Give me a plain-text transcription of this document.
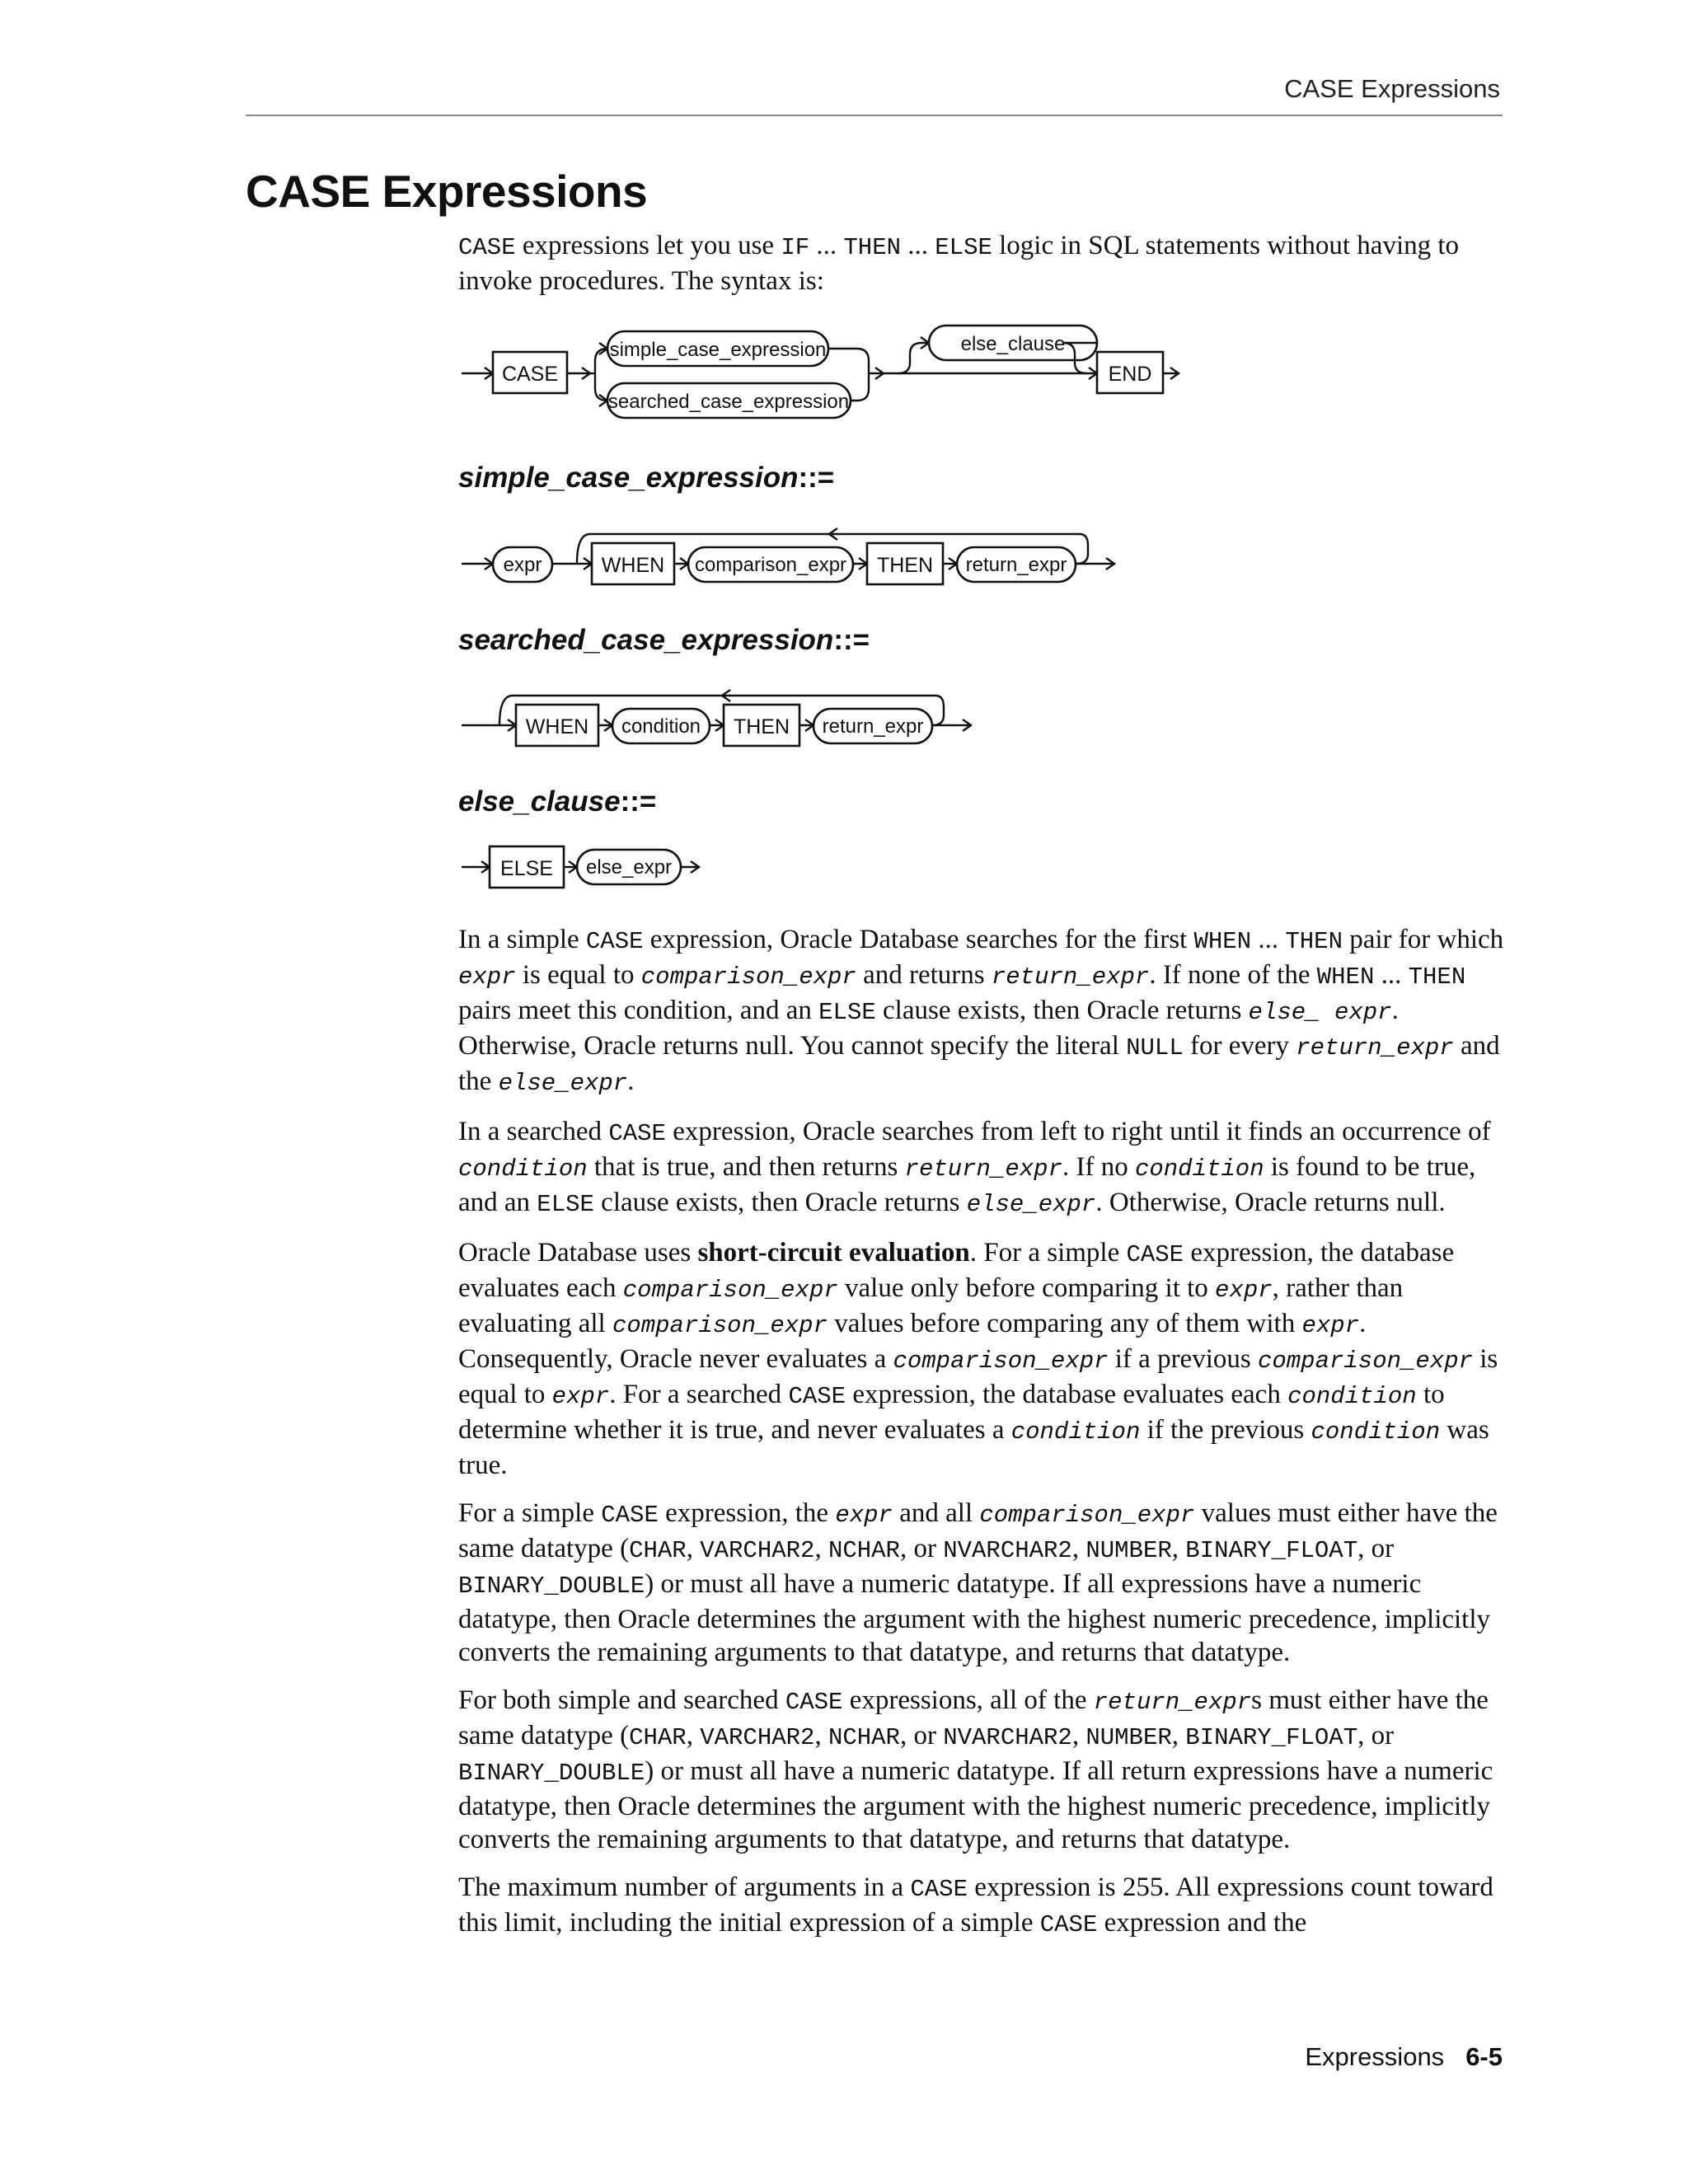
CASE Expressions
CASE Expressions

CASE expressions let you use IF ... THEN ... ELSE logic in SQL statements without having to invoke procedures. The syntax is:

CASE
simple_case_expression
searched_case_expression
else_clause
END
simple_case_expression::=
expr	WHEN comparison_expr THEN return_expr
searched_case_expression::=
WHEN condition THEN return_expr
else_clause::=
ELSE else_expr

In a simple CASE expression, Oracle Database searches for the first WHEN ... THEN pair for which expr is equal to comparison_expr and returns return_expr. If none of the WHEN ... THEN pairs meet this condition, and an ELSE clause exists, then Oracle returns else_ expr. Otherwise, Oracle returns null. You cannot specify the literal NULL for every return_expr and the else_expr.

In a searched CASE expression, Oracle searches from left to right until it finds an occurrence of condition that is true, and then returns return_expr. If no condition is found to be true, and an ELSE clause exists, then Oracle returns else_expr. Otherwise, Oracle returns null.

Oracle Database uses short-circuit evaluation. For a simple CASE expression, the database evaluates each comparison_expr value only before comparing it to expr, rather than evaluating all comparison_expr values before comparing any of them with expr. Consequently, Oracle never evaluates a comparison_expr if a previous comparison_expr is equal to expr. For a searched CASE expression, the database evaluates each condition to determine whether it is true, and never evaluates a condition if the previous condition was true.

For a simple CASE expression, the expr and all comparison_expr values must either have the same datatype (CHAR, VARCHAR2, NCHAR, or NVARCHAR2, NUMBER, BINARY_FLOAT, or BINARY_DOUBLE) or must all have a numeric datatype. If all expressions have a numeric datatype, then Oracle determines the argument with the highest numeric precedence, implicitly converts the remaining arguments to that datatype, and returns that datatype.

For both simple and searched CASE expressions, all of the return_exprs must either have the same datatype (CHAR, VARCHAR2, NCHAR, or NVARCHAR2, NUMBER, BINARY_FLOAT, or BINARY_DOUBLE) or must all have a numeric datatype. If all return expressions have a numeric datatype, then Oracle determines the argument with the highest numeric precedence, implicitly converts the remaining arguments to that datatype, and returns that datatype.

The maximum number of arguments in a CASE expression is 255. All expressions count toward this limit, including the initial expression of a simple CASE expression and the

Expressions 6-5
